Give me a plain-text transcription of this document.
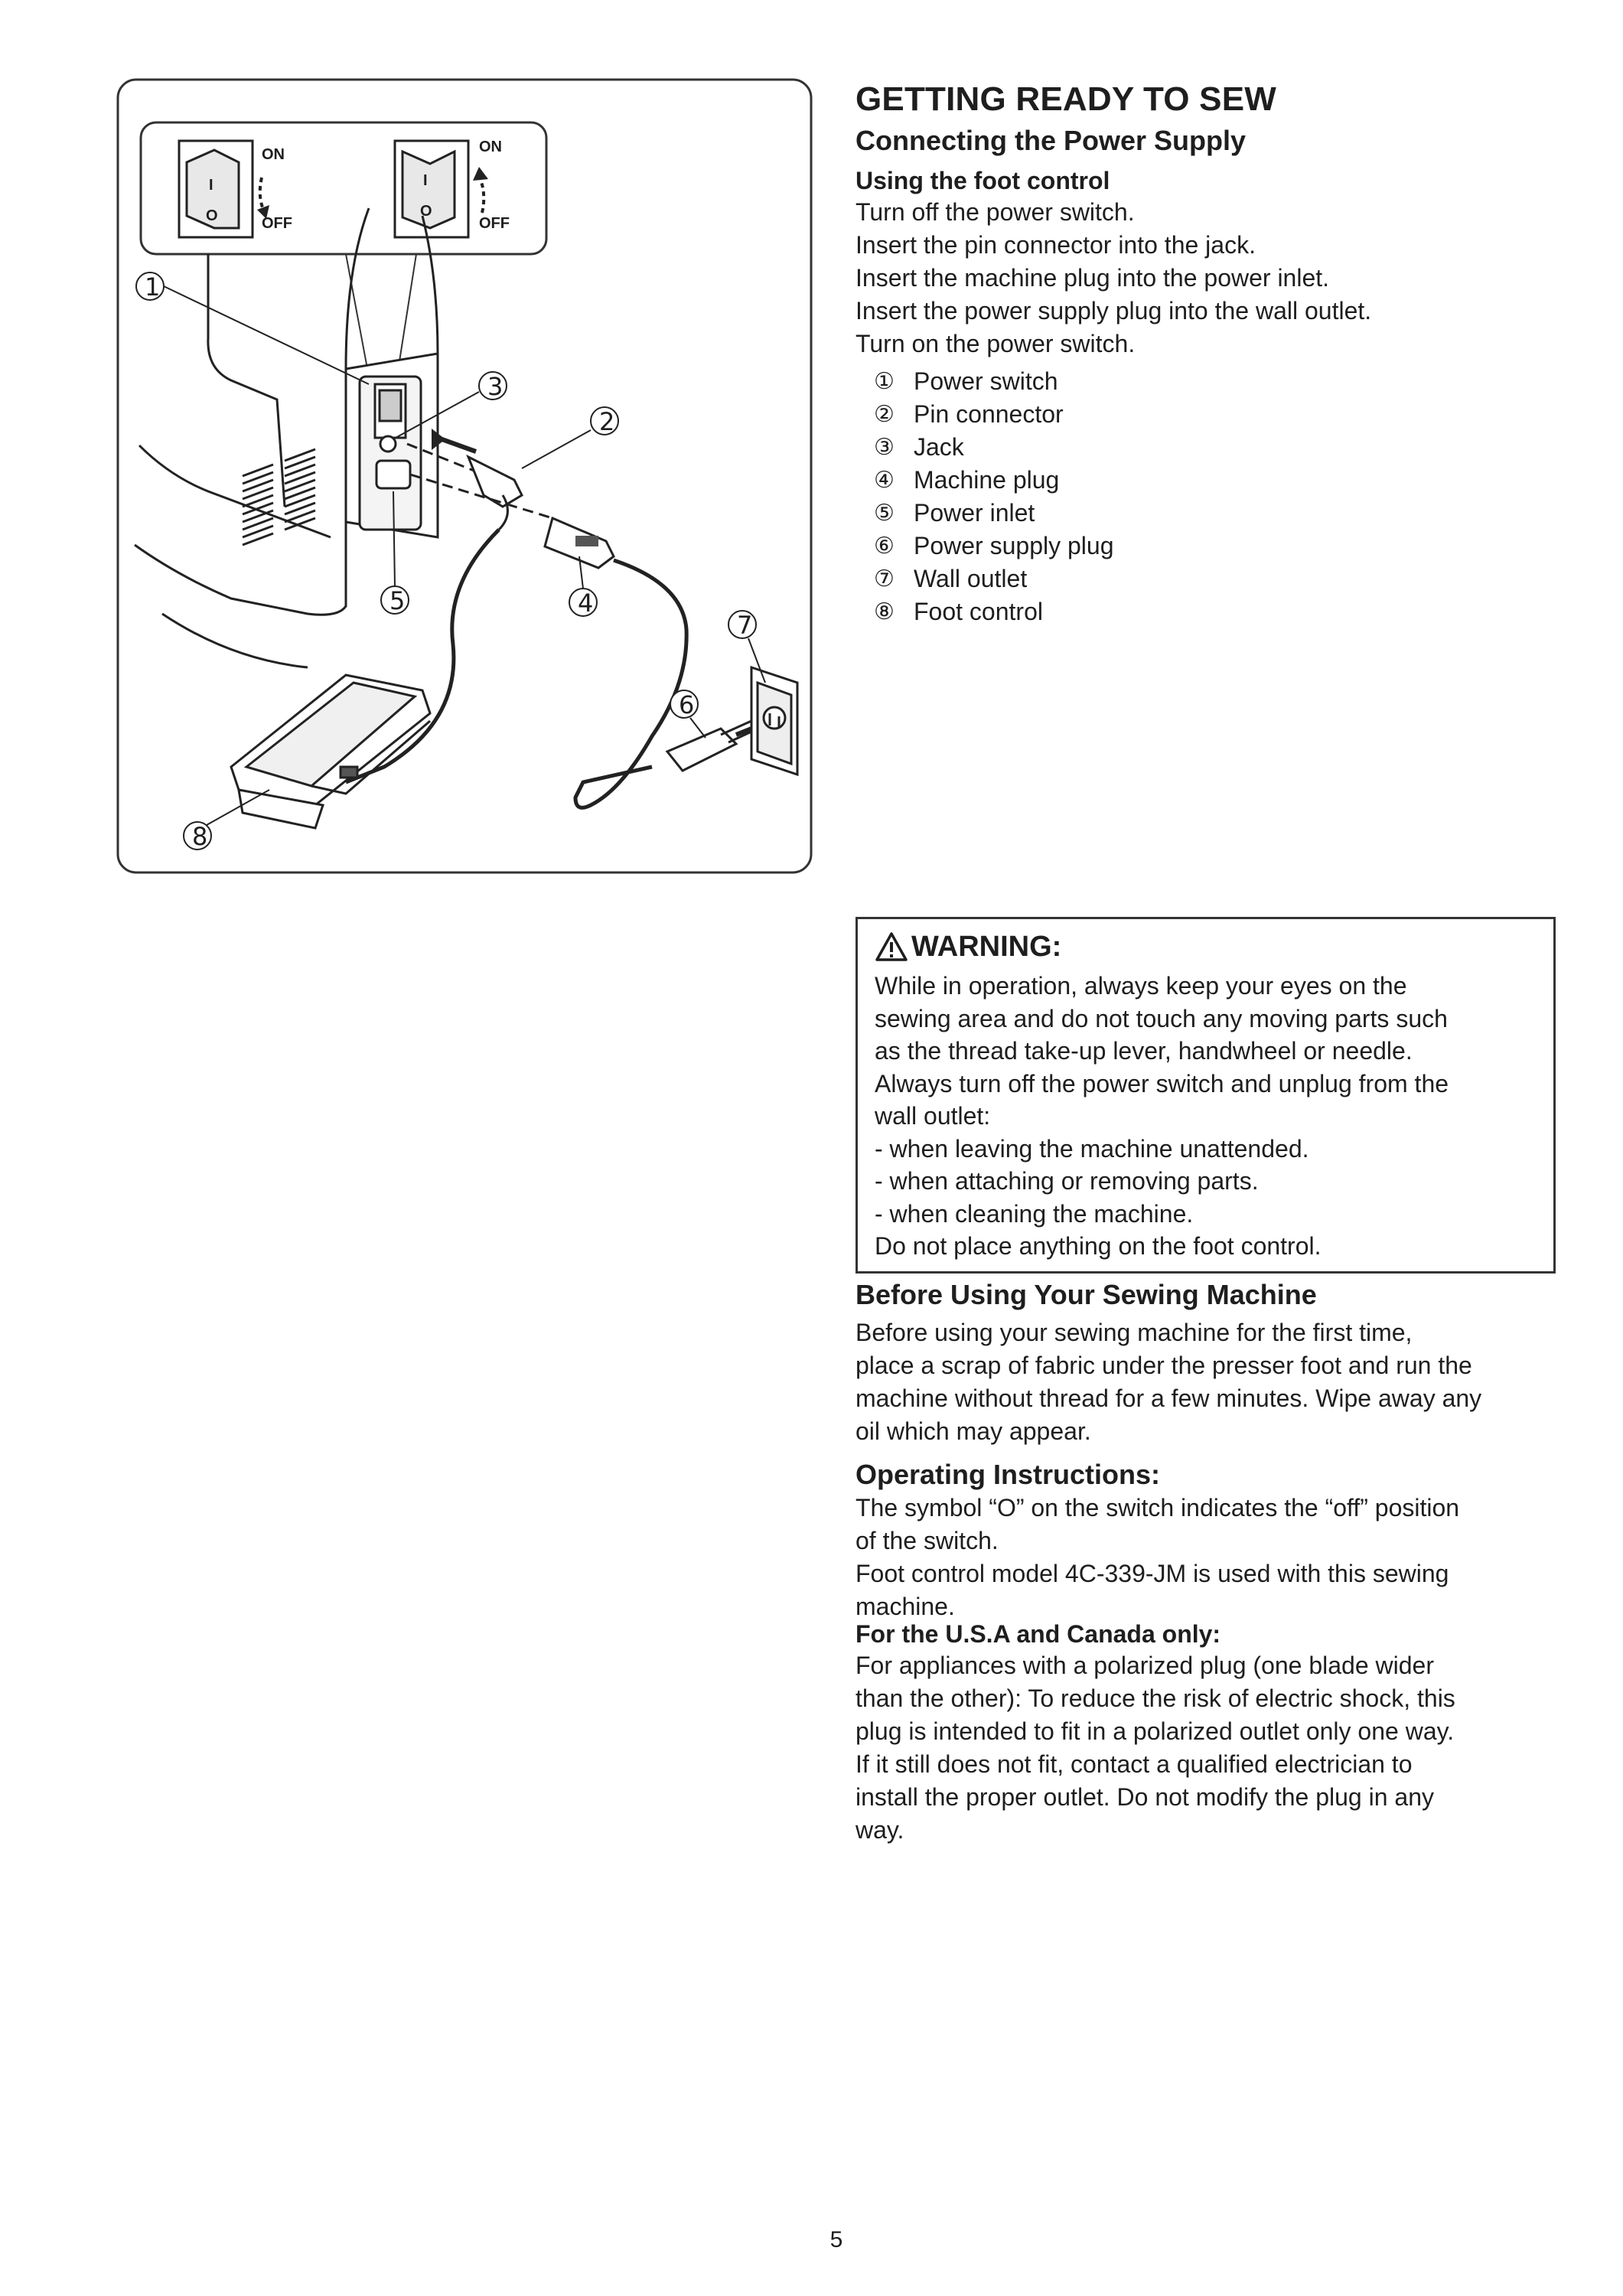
I
O
ON
OFF
I
O
ON
OFF
1
2
3
4
5
6
7
8
GETTING READY TO SEW

Connecting the Power Supply

Using the foot control

Turn off the power switch.

Insert the pin connector into the jack.

Insert the machine plug into the power inlet.

Insert the power supply plug into the wall outlet.

Turn on the power switch.

① Power switch
② Pin connector
③ Jack
④ Machine plug
⑤ Power inlet
⑥ Power supply plug
⑦ Wall outlet
⑧ Foot control
WARNING:

While in operation, always keep your eyes on the

sewing area and do not touch any moving parts such

as the thread take-up lever, handwheel or needle.

Always turn off the power switch and unplug from the

wall outlet:

- when leaving the machine unattended.

- when attaching or removing parts.

- when cleaning the machine.

Do not place anything on the foot control.

Before Using Your Sewing Machine

Before using your sewing machine for the first time,

place a scrap of fabric under the presser foot and run the

machine without thread for a few minutes. Wipe away any

oil which may appear.

Operating Instructions:

The symbol “O” on the switch indicates the “off” position

of the switch.

Foot control model 4C-339-JM is used with this sewing

machine.

For the U.S.A and Canada only:

For appliances with a polarized plug (one blade wider

than the other): To reduce the risk of electric shock, this

plug is intended to fit in a polarized outlet only one way.

If it still does not fit, contact a qualified electrician to

install the proper outlet. Do not modify the plug in any

way.

5
